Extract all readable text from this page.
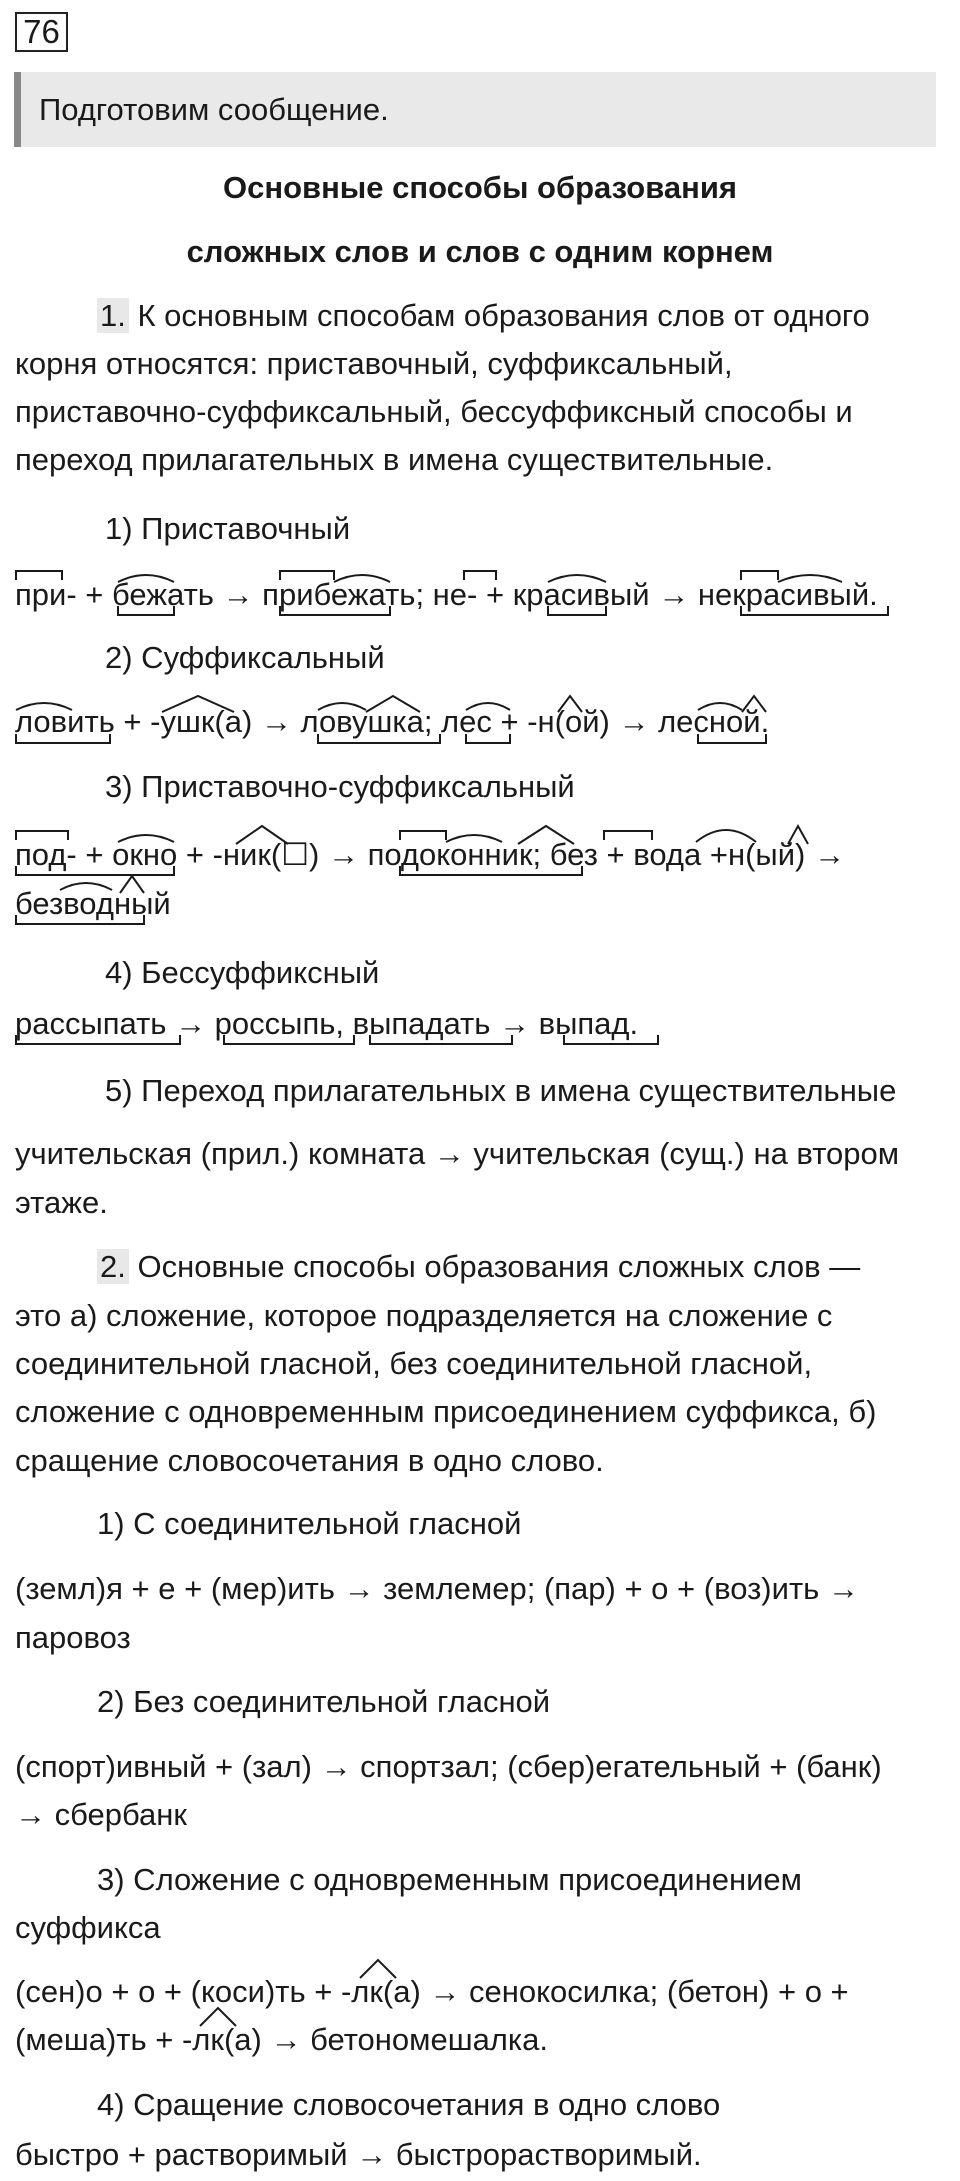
76
Подготовим сообщение.
Основные способы образования
сложных слов и слов с одним корнем
1. К основным способам образования слов от одного
корня относятся: приставочный, суффиксальный,
приставочно-суффиксальный, бессуффиксный способы и
переход прилагательных в имена существительные.
1) Приставочный
при- + бежать → прибежать; не- + красивый → некрасивый.
2) Суффиксальный
ловить + -ушк(а) → ловушка; лес + -н(ой) → лесной.
3) Приставочно-суффиксальный
под- + окно + -ник(☐) → подоконник; без + вода +н(ый) →
безводный
4) Бессуффиксный
рассыпать → россыпь, выпадать → выпад.
5) Переход прилагательных в имена существительные
учительская (прил.) комната → учительская (сущ.) на втором
этаже.
2. Основные способы образования сложных слов —
это а) сложение, которое подразделяется на сложение с
соединительной гласной, без соединительной гласной,
сложение с одновременным присоединением суффикса, б)
сращение словосочетания в одно слово.
1) С соединительной гласной
(земл)я + е + (мер)ить → землемер; (пар) + о + (воз)ить →
паровоз
2) Без соединительной гласной
(спорт)ивный + (зал) → спортзал; (сбер)егательный + (банк)
→ сбербанк
3) Сложение с одновременным присоединением
суффикса
(сен)о + о + (коси)ть + -лк(а) → сенокосилка; (бетон) + о +
(меша)ть + -лк(а) → бетономешалка.
4) Сращение словосочетания в одно слово
быстро + растворимый → быстрорастворимый.
